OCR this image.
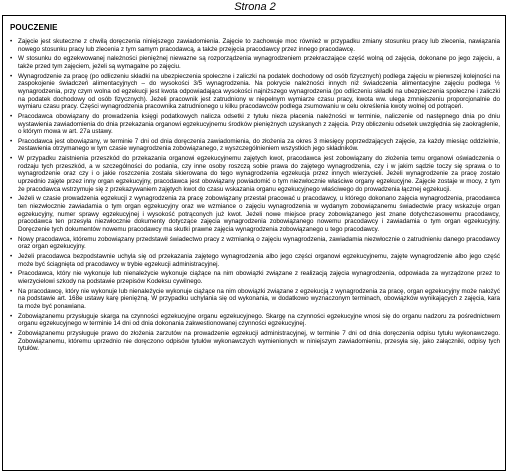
Strona 2
POUCZENIE
• Zajęcie jest skuteczne z chwilą doręczenia niniejszego zawiadomienia. Zajęcie to zachowuje moc również w przypadku zmiany stosunku pracy lub zlecenia, nawiązania nowego stosunku pracy lub zlecenia z tym samym pracodawcą, a także przejęcia pracodawcy przez innego pracodawcę.
• W stosunku do egzekwowanej należności pieniężnej niewazne są rozporządzenia wynagrodzeniem przekraczające część wolną od zajęcia, dokonane po jego zajęciu, a także przed tym zajęciem, jeżeli są wymagalne po zajęciu.
• Wynagrodzenie za pracę (po odliczeniu składki na ubezpieczenia społeczne i zaliczki na podatek dochodowy od osób fizycznych) podlega zajęciu w pierwszej kolejności na zaspokojenie świadczeń alimentacyjnych – do wysokości 3/5 wynagrodzenia. Na pokrycie należności innych niż świadczenia alimentacyjne zajęciu podlega ½ wynagrodzenia, przy czym wolna od egzekucji jest kwota odpowiadająca wysokości najniższego wynagrodzenia (po odliczeniu składki na ubezpieczenia społeczne i zaliczki na podatek dochodowy od osób fizycznych). Jeżeli pracownik jest zatrudniony w niepełnym wymiarze czasu pracy, kwota ww. ulega zmniejszeniu proporcjonalnie do wymiaru czasu pracy. Części wynagrodzenia pracownika zatrudnionego u kilku pracodawców podlega zsumowaniu w celu określenia kwoty wolnej od potrąceń.
• Pracodawca obowiązany do prowadzenia księgi podatkowych nalicza odsetki z tytułu nieza płacenia należności w terminie, naliczenie od następnego dnia po dniu wystawienia zawiadomienia do dnia przekazania organowi egzekucyjnemu środków pieniężnych uzyskanych z zajęcia. Przy obliczeniu odsetek uwzględnia się zaokrąglenie, o którym mowa w art. 27a ustawy.
• Pracodawca jest obowiązany, w terminie 7 dni od dnia doręczenia zawiadomienia, do złożenia za okres 3 miesięcy poprzedzających zajęcie, za każdy miesiąc oddzielnie, zestawienia otrzymanego w tym czasie wynagrodzenia zobowiązanego, z wyszczególnieniem wszystkich jego składników.
• W przypadku zaistnienia przeszkód do przekazania organowi egzekucyjnemu zajętych kwot, pracodawca jest zobowiązany do złożenia temu organowi oświadczenia o rodzaju tych przeszkód, a w szczególności do podania, czy inne osoby roszczą sobie prawa do zajętego wynagrodzenia, czy i w jakim sądzie toczy się sprawa o to wynagrodzenie oraz czy i o jakie roszczenia została skierowana do tego wynagrodzenia egzekucja przez innych wierzycieli. Jeżeli wynagrodzenie za pracę zostało uprzednio zajęte przez inny organ egzekucyjny, pracodawca jest obowiązany powiadomić o tym niezwłocznie właściwe organy egzekucyjne. Zajęcie zostaje w mocy, z tym że pracodawca wstrzymuje się z przekazywaniem zajętych kwot do czasu wskazania organu egzekucyjnego właściwego do prowadzenia łącznej egzekucji.
• Jeżeli w czasie prowadzenia egzekucji z wynagrodzenia za pracę zobowiązany przestał pracować u pracodawcy, u którego dokonano zajęcia wynagrodzenia, pracodawca ten niezwłocznie zawiadamia o tym organ egzekucyjny oraz we wzmiance o zajęciu wynagrodzenia w wydanym zobowiązanemu świadectwie pracy wskazuje organ egzekucyjny, numer sprawy egzekucyjnej i wysokość potrąconych już kwot. Jeżeli nowe miejsce pracy zobowiązanego jest znane dotychczasowemu pracodawcy, pracodawca ten przesyła niezwłocznie dokumenty dotyczące zajęcia wynagrodzenia zobowiązanego nowemu pracodawcy i zawiadamia o tym organ egzekucyjny. Doręczenie tych dokumentów nowemu pracodawcy ma skutki prawne zajęcia wynagrodzenia zobowiązanego u tego pracodawcy.
• Nowy pracodawca, któremu zobowiązany przedstawił świadectwo pracy z wzmianką o zajęciu wynagrodzenia, zawiadamia niezwłocznie o zatrudnieniu danego pracodawcy oraz organ egzekucyjny.
• Jeżeli pracodawca bezpodstawnie uchyla się od przekazania zajętego wynagrodzenia albo jego części organowi egzekucyjnemu, zajęte wynagrodzenie albo jego część może być ściągnięta od pracodawcy w trybie egzekucji administracyjnej.
• Pracodawca, który nie wykonuje lub nienależycie wykonuje ciążące na nim obowiązki związane z realizacją zajęcia wynagrodzenia, odpowiada za wyrządzone przez to wierzycielowi szkody na podstawie przepisów Kodeksu cywilnego.
• Na pracodawcę, który nie wykonuje lub nienależycie wykonuje ciążące na nim obowiązki związane z egzekucją z wynagrodzenia za pracę, organ egzekucyjny może nałożyć na podstawie art. 168e ustawy karę pieniężną. W przypadku uchylania się od wykonania, w dodatkowo wyznaczonym terminach, obowiązków wynikających z zajęcia, kara ta może być ponawiana.
• Zobowiązanemu przysługuje skarga na czynności egzekucyjne organu egzekucyjnego. Skargę na czynności egzekucyjne wnosi się do organu nadzoru za pośrednictwem organu egzekucyjnego w terminie 14 dni od dnia dokonania zakwestionowanej czynności egzekucyjnej.
• Zobowiązanemu przysługuje prawo do złożenia zarzutów na prowadzenie egzekucji administracyjnej, w terminie 7 dni od dnia doręczenia odpisu tytułu wykonawczego. Zobowiązanemu, któremu uprzednio nie doręczono odpisów tytułów wykonawczych wymienionych w niniejszym zawiadomieniu, przesyła się, jako załączniki, odpisy tych tytułów.
